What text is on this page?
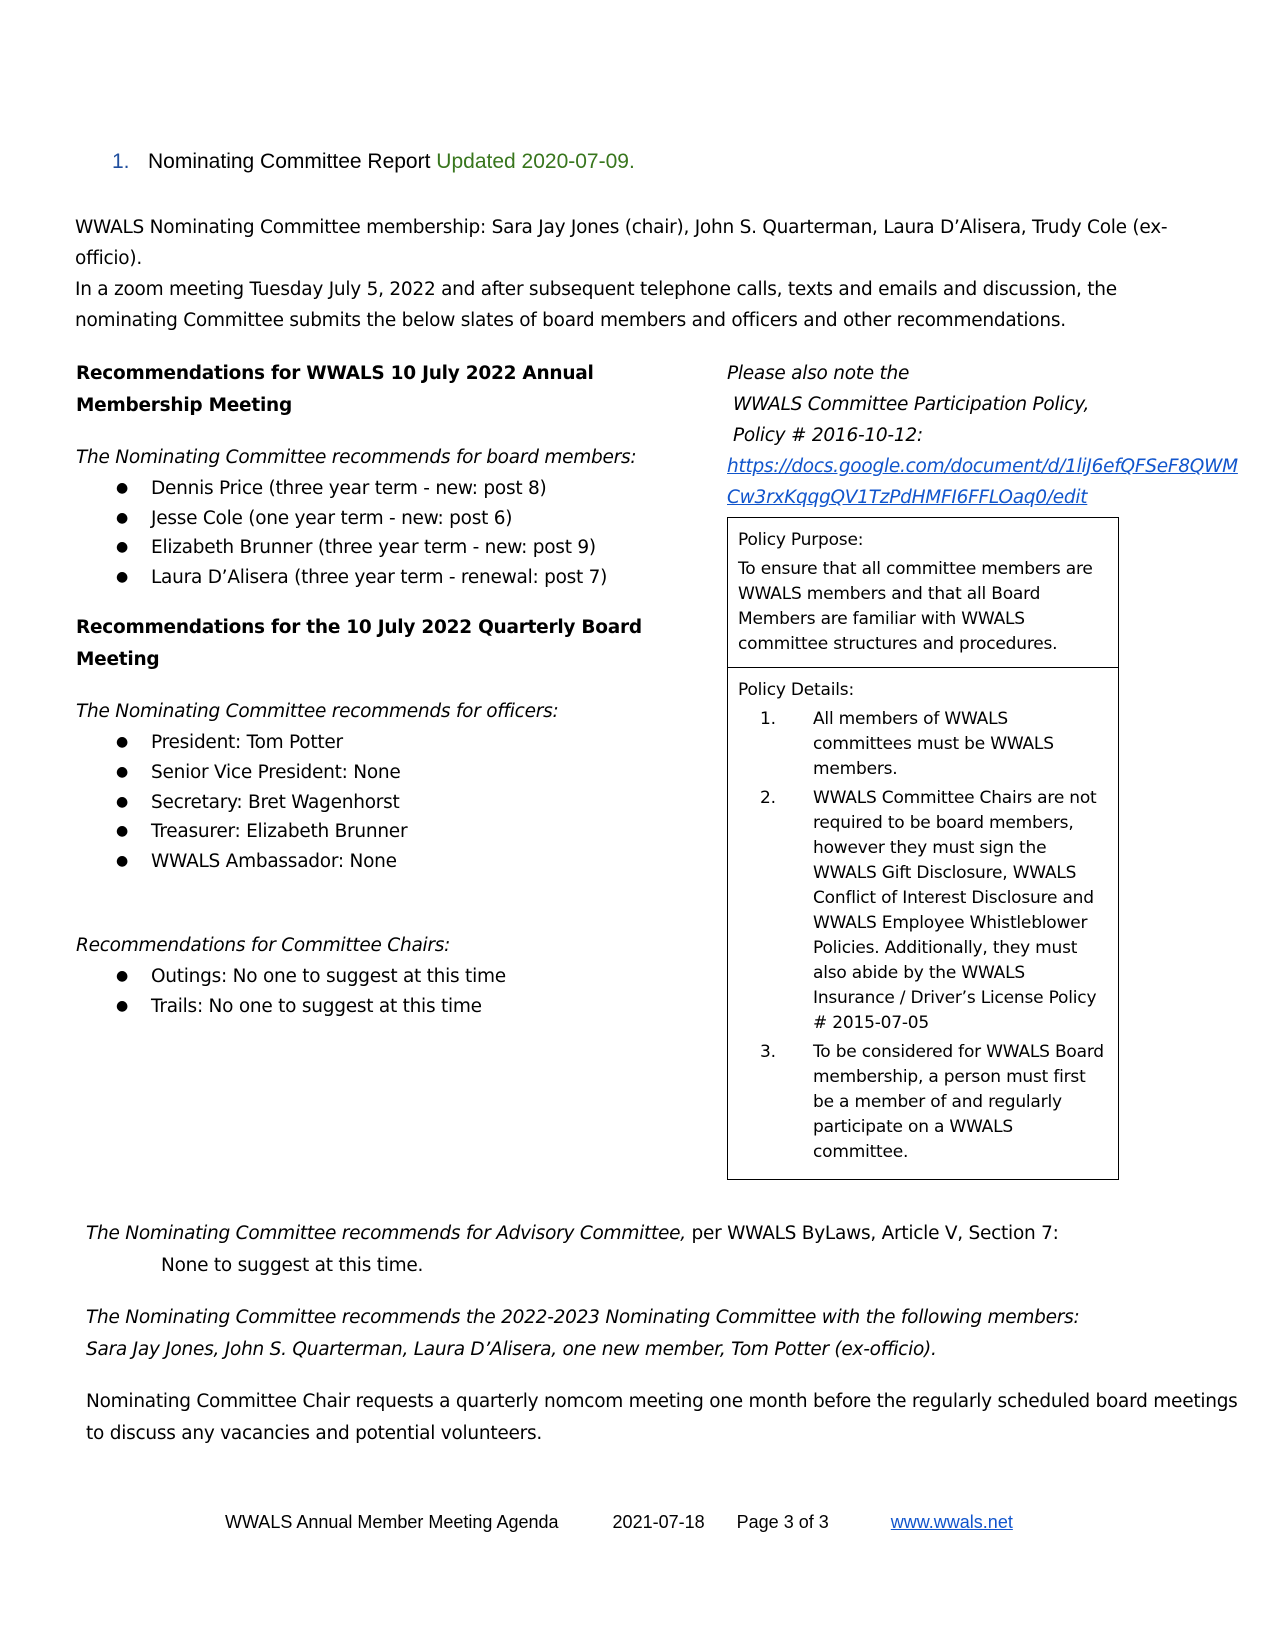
1. Nominating Committee Report Updated 2020-07-09.
WWALS Nominating Committee membership: Sara Jay Jones (chair), John S. Quarterman, Laura D’Alisera, Trudy Cole (ex-officio).
In a zoom meeting Tuesday July 5, 2022 and after subsequent telephone calls, texts and emails and discussion, the nominating Committee submits the below slates of board members and officers and other recommendations.

Recommendations for WWALS 10 July 2022 Annual Membership Meeting

The Nominating Committee recommends for board members:

● Dennis Price (three year term - new: post 8)
● Jesse Cole (one year term - new: post 6)
● Elizabeth Brunner (three year term - new: post 9)
● Laura D’Alisera (three year term - renewal: post 7)

Recommendations for the 10 July 2022 Quarterly Board Meeting

The Nominating Committee recommends for officers:

● President: Tom Potter
● Senior Vice President: None
● Secretary: Bret Wagenhorst
● Treasurer: Elizabeth Brunner
● WWALS Ambassador: None

Recommendations for Committee Chairs:

● Outings: No one to suggest at this time
● Trails: No one to suggest at this time
Please also note the
WWALS Committee Participation Policy,
Policy # 2016-10-12:
https://docs.google.com/document/d/1liJ6efQFSeF8QWMCw3rxKqqgQV1TzPdHMFI6FFLOaq0/edit
Policy Purpose:
To ensure that all committee members are WWALS members and that all Board Members are familiar with WWALS committee structures and procedures.
Policy Details:
1. All members of WWALS committees must be WWALS members.
2. WWALS Committee Chairs are not required to be board members, however they must sign the WWALS Gift Disclosure, WWALS Conflict of Interest Disclosure and WWALS Employee Whistleblower Policies. Additionally, they must also abide by the WWALS Insurance / Driver’s License Policy # 2015-07-05
3. To be considered for WWALS Board membership, a person must first be a member of and regularly participate on a WWALS committee.

The Nominating Committee recommends for Advisory Committee, per WWALS ByLaws, Article V, Section 7:

None to suggest at this time.

The Nominating Committee recommends the 2022-2023 Nominating Committee with the following members:

Sara Jay Jones, John S. Quarterman, Laura D’Alisera, one new member, Tom Potter (ex-officio).

Nominating Committee Chair requests a quarterly nomcom meeting one month before the regularly scheduled board meetings to discuss any vacancies and potential volunteers.

WWALS Annual Member Meeting Agenda	2021-07-18 Page 3 of 3	www.wwals.net
